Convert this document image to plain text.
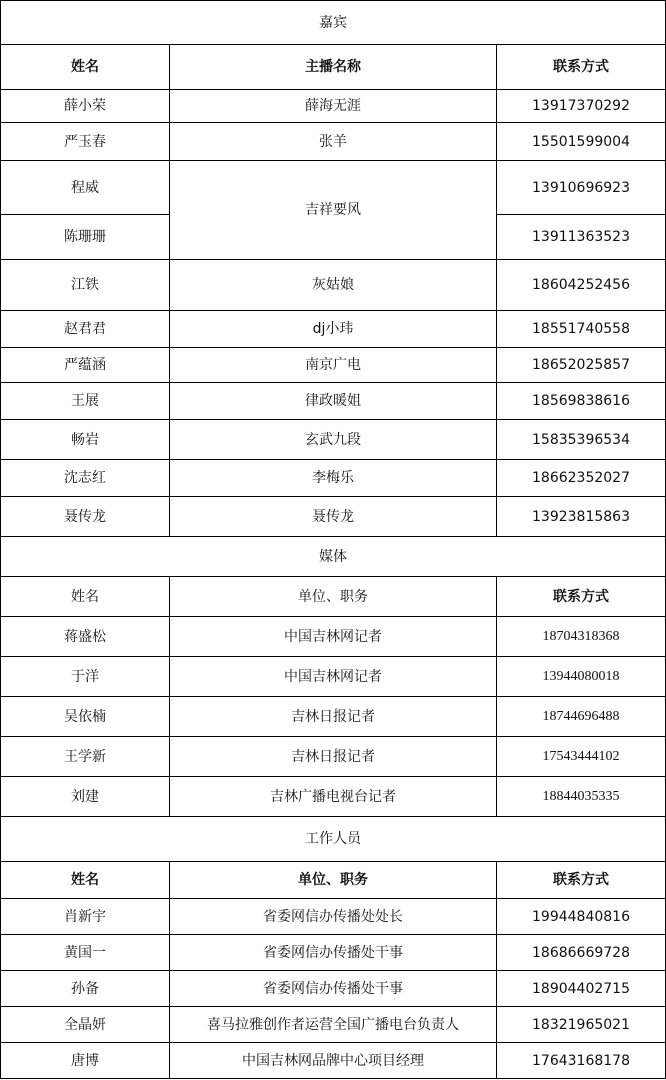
嘉宾		
姓名	主播名称	联系方式
薛小荣	薛海无涯	13917370292
严玉春	张羊	15501599004
程威	吉祥要风	13910696923
陈珊珊		13911363523
江铁	灰姑娘	18604252456
赵君君	dj小玮	18551740558
严蕴涵	南京广电	18652025857
王展	律政暖姐	18569838616
畅岩	玄武九段	15835396534
沈志红	李梅乐	18662352027
聂传龙	聂传龙	13923815863
媒体		
姓名	单位、职务	联系方式
蒋盛松	中国吉林网记者	18704318368
于洋	中国吉林网记者	13944080018
吴依楠	吉林日报记者	18744696488
王学新	吉林日报记者	17543444102
刘建	吉林广播电视台记者	18844035335
工作人员		
姓名	单位、职务	联系方式
肖新宇	省委网信办传播处处长	19944840816
黄国一	省委网信办传播处干事	18686669728
孙备	省委网信办传播处干事	18904402715
全晶妍	喜马拉雅创作者运营全国广播电台负责人	18321965021
唐博	中国吉林网品牌中心项目经理	17643168178
